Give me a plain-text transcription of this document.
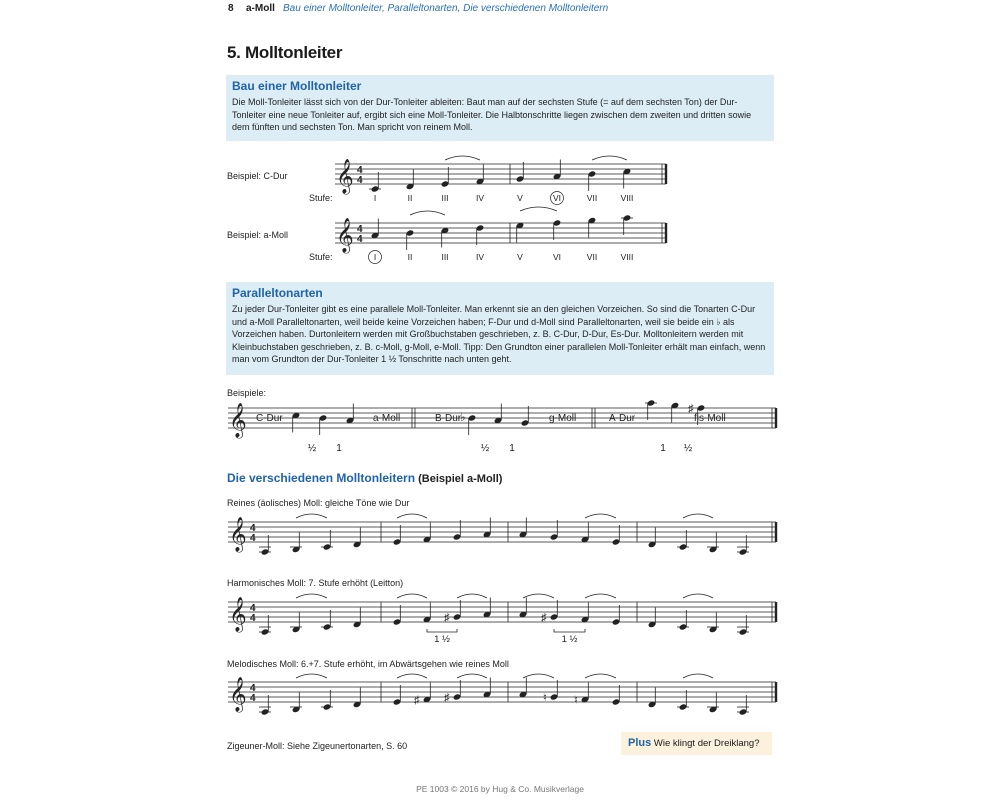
8 a-Moll Bau einer Molltonleiter, Paralleltonarten, Die verschiedenen Molltonleitern
5. Molltonleiter
Bau einer Molltonleiter

Die Moll-Tonleiter lässt sich von der Dur-Tonleiter ableiten: Baut man auf der sechsten Stufe (= auf dem sechsten Ton) der Dur-Tonleiter eine neue Tonleiter auf, ergibt sich eine Moll-Tonleiter. Die Halbtonschritte liegen zwischen dem zweiten und dritten sowie dem fünften und sechsten Ton. Man spricht von reinem Moll.

Beispiel: C-Dur
Stufe:
Beispiel: a-Moll
Stufe:
Paralleltonarten

Zu jeder Dur-Tonleiter gibt es eine parallele Moll-Tonleiter. Man erkennt sie an den gleichen Vorzeichen. So sind die Tonarten C-Dur und a-Moll Paralleltonarten, weil beide keine Vorzeichen haben; F-Dur und d-Moll sind Paralleltonarten, weil sie beide ein ♭ als Vorzeichen haben. Durtonleitern werden mit Großbuchstaben geschrieben, z. B. C-Dur, D-Dur, Es-Dur. Molltonleitern werden mit Kleinbuchstaben geschrieben, z. B. c-Moll, g-Moll, e-Moll. Tipp: Den Grundton einer parallelen Moll-Tonleiter erhält man einfach, wenn man vom Grundton der Dur-Tonleiter 1 ½ Tonschritte nach unten geht.

Beispiele:
Die verschiedenen Molltonleitern (Beispiel a-Moll)
Reines (äolisches) Moll: gleiche Töne wie Dur
Harmonisches Moll: 7. Stufe erhöht (Leitton)
Melodisches Moll: 6.+7. Stufe erhöht, im Abwärtsgehen wie reines Moll
Zigeuner-Moll: Siehe Zigeunertonarten, S. 60	Plus Wie klingt der Dreiklang?
PE 1003 © 2016 by Hug & Co. Musikverlage
𝄞 4
4
I	II	III	IV	V	VI	VII	VIII
𝄞 4
4
I	II	III	IV	V	VI	VII	VIII
𝄞 C-Dur	a-Moll
½ 1
B-Dur	g-Moll
♭
½ 1
A-Dur	fis-Moll
♯
1 ½
𝄞 4
4
𝄞 4
4	♯	♯
𝄞 4
4	♯ ♯	♮ ♮
1 ½	1 ½
